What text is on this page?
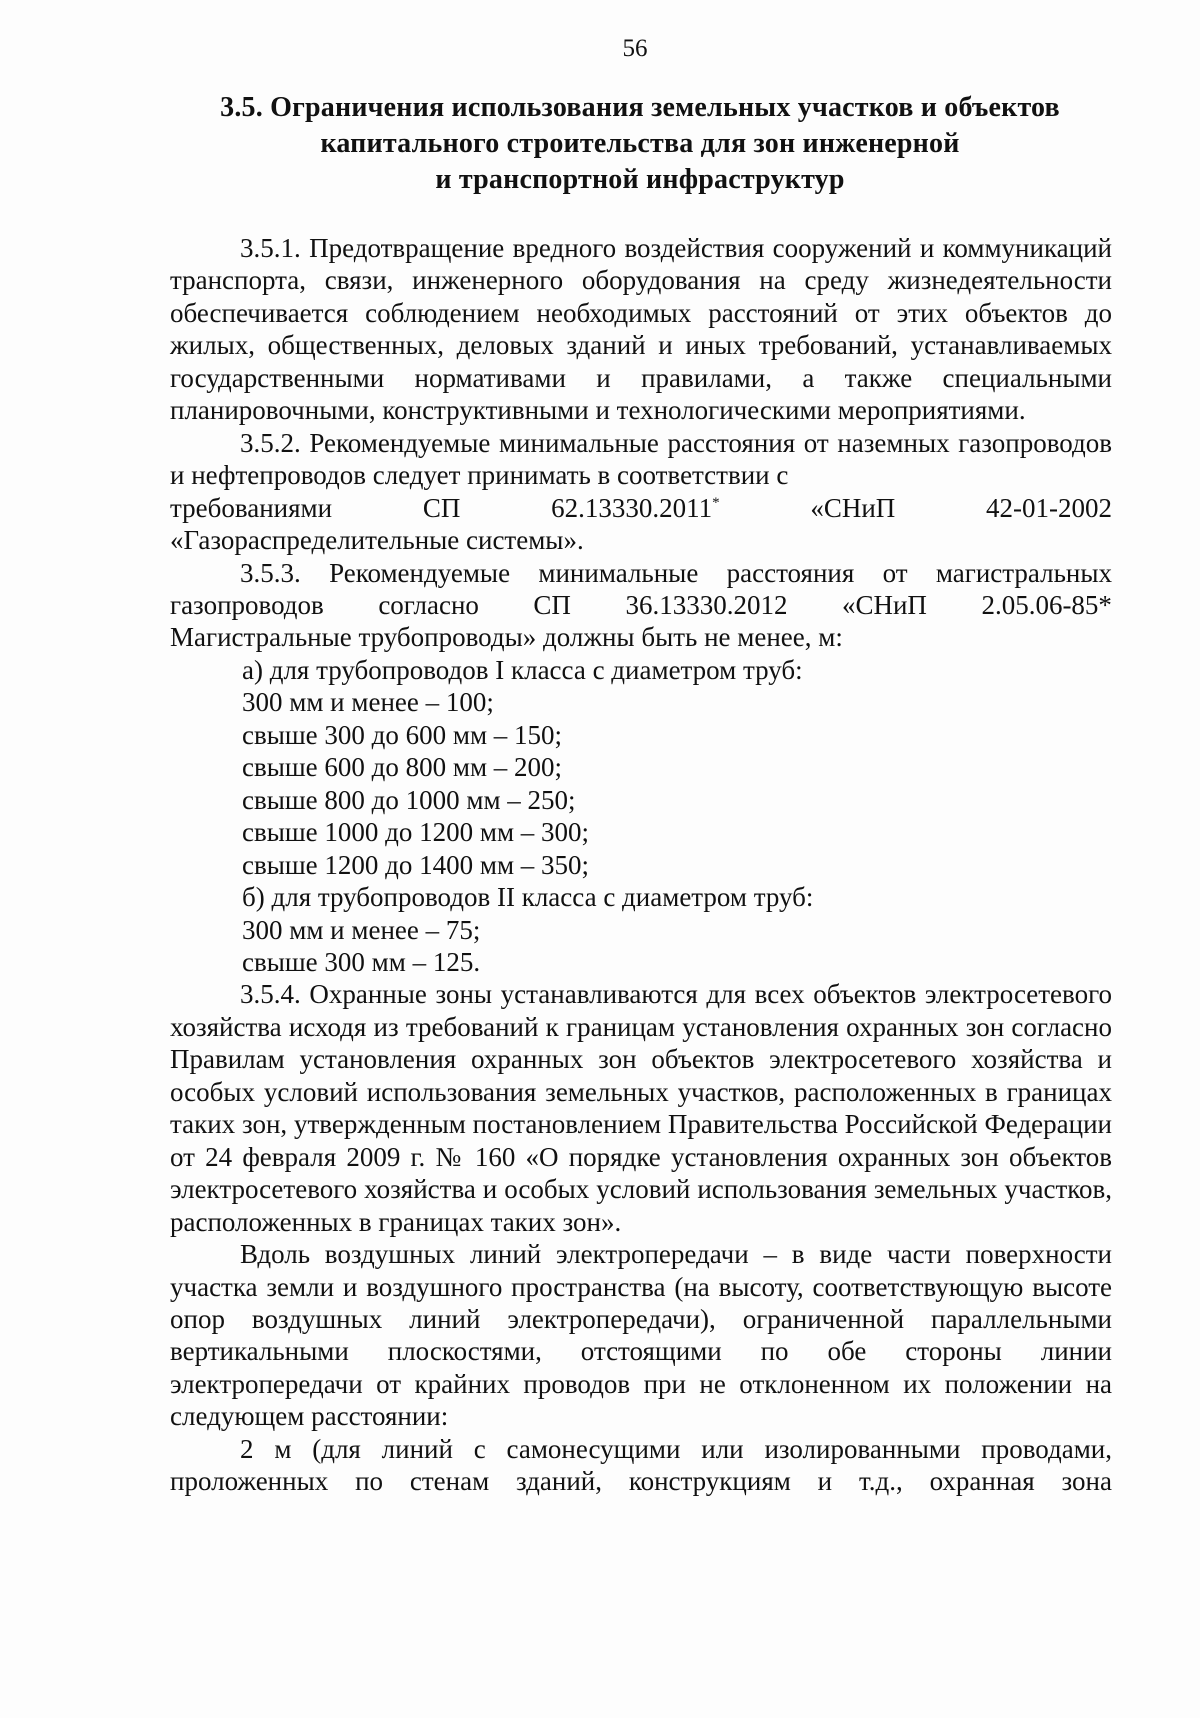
56
3.5. Ограничения использования земельных участков и объектов
капитального строительства для зон инженерной
и транспортной инфраструктур

3.5.1. Предотвращение вредного воздействия сооружений и коммуникаций транспорта, связи, инженерного оборудования на среду жизнедеятельности обеспечивается соблюдением необходимых расстояний от этих объектов до жилых, общественных, деловых зданий и иных требований, устанавливаемых государственными нормативами и правилами, а также специальными планировочными, конструктивными и технологическими мероприятиями.

3.5.2. Рекомендуемые минимальные расстояния от наземных газопроводов и нефтепроводов следует принимать в соответствии с

требованиями	СП	62.13330.2011*	«СНиП	42-01-2002

«Газораспределительные системы».

3.5.3. Рекомендуемые минимальные расстояния от магистральных

газопроводов согласно СП 36.13330.2012 «СНиП 2.05.06-85*

Магистральные трубопроводы» должны быть не менее, м:

а) для трубопроводов I класса с диаметром труб:

300 мм и менее – 100;

свыше 300 до 600 мм – 150;

свыше 600 до 800 мм – 200;

свыше 800 до 1000 мм – 250;

свыше 1000 до 1200 мм – 300;

свыше 1200 до 1400 мм – 350;

б) для трубопроводов II класса с диаметром труб:

300 мм и менее – 75;

свыше 300 мм – 125.

3.5.4. Охранные зоны устанавливаются для всех объектов электросетевого хозяйства исходя из требований к границам установления охранных зон согласно Правилам установления охранных зон объектов электросетевого хозяйства и особых условий использования земельных участков, расположенных в границах таких зон, утвержденным постановлением Правительства Российской Федерации от 24 февраля 2009 г. № 160 «О порядке установления охранных зон объектов электросетевого хозяйства и особых условий использования земельных участков, расположенных в границах таких зон».

Вдоль воздушных линий электропередачи – в виде части поверхности участка земли и воздушного пространства (на высоту, соответствующую высоте опор воздушных линий электропередачи), ограниченной параллельными вертикальными плоскостями, отстоящими по обе стороны линии электропередачи от крайних проводов при не отклоненном их положении на следующем расстоянии:

2 м (для линий с самонесущими или изолированными проводами, проложенных по стенам зданий, конструкциям и т.д., охранная зона
